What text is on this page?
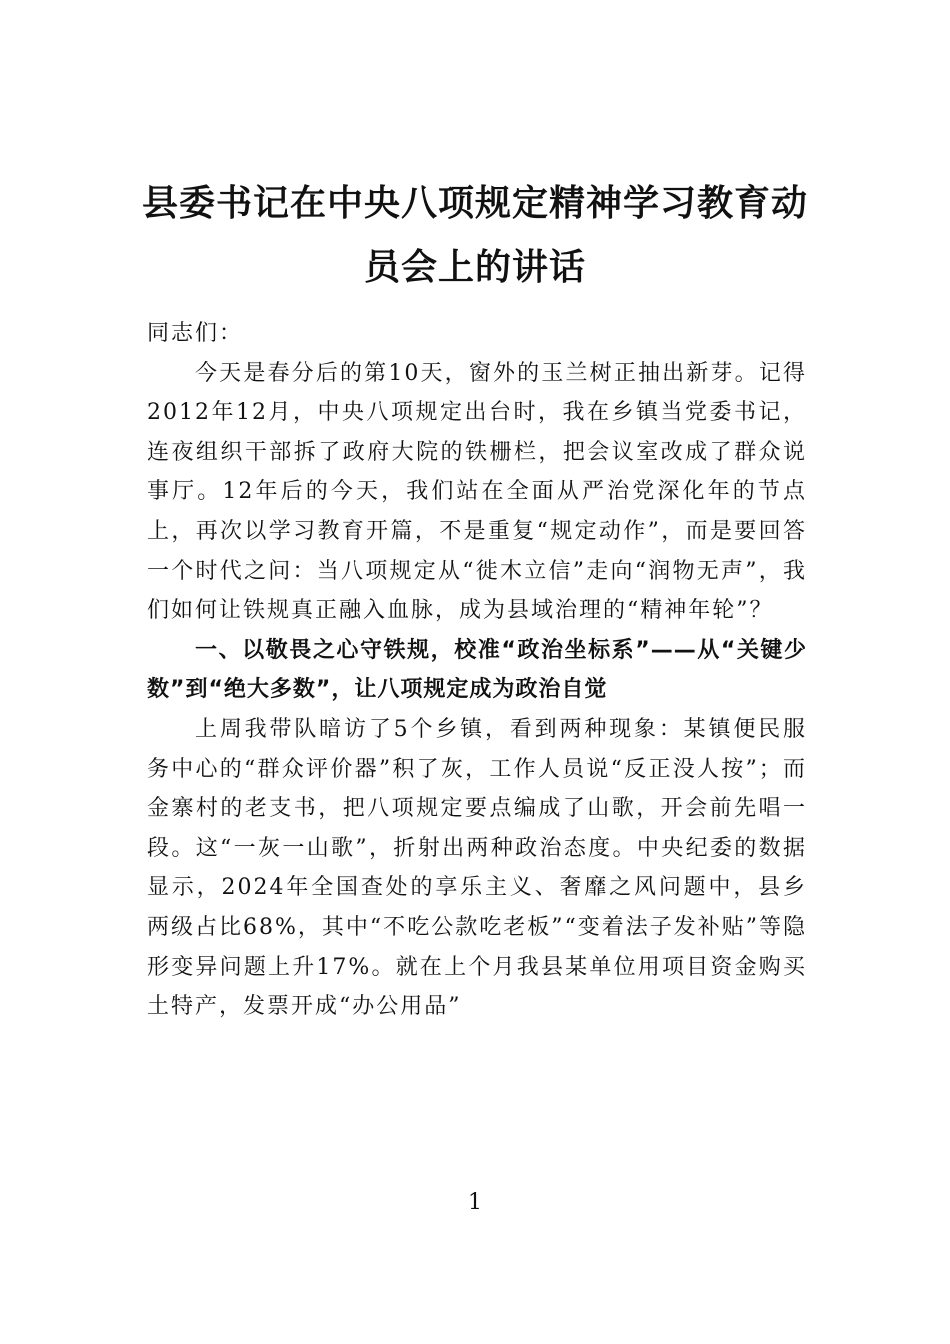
县委书记在中央八项规定精神学习教育动员会上的讲话

同志们：

今天是春分后的第10天，窗外的玉兰树正抽出新芽。记得2012年12月，中央八项规定出台时，我在乡镇当党委书记，连夜组织干部拆了政府大院的铁栅栏，把会议室改成了群众说事厅。12年后的今天，我们站在全面从严治党深化年的节点上，再次以学习教育开篇，不是重复“规定动作”，而是要回答一个时代之问：当八项规定从“徙木立信”走向“润物无声”，我们如何让铁规真正融入血脉，成为县域治理的“精神年轮”？

一、以敬畏之心守铁规，校准“政治坐标系”——从“关键少数”到“绝大多数”，让八项规定成为政治自觉

上周我带队暗访了5个乡镇，看到两种现象：某镇便民服务中心的“群众评价器”积了灰，工作人员说“反正没人按”；而金寨村的老支书，把八项规定要点编成了山歌，开会前先唱一段。这“一灰一山歌”，折射出两种政治态度。中央纪委的数据显示，2024年全国查处的享乐主义、奢靡之风问题中，县乡两级占比68%，其中“不吃公款吃老板”“变着法子发补贴”等隐形变异问题上升17%。就在上个月我县某单位用项目资金购买土特产，发票开成“办公用品”

1
